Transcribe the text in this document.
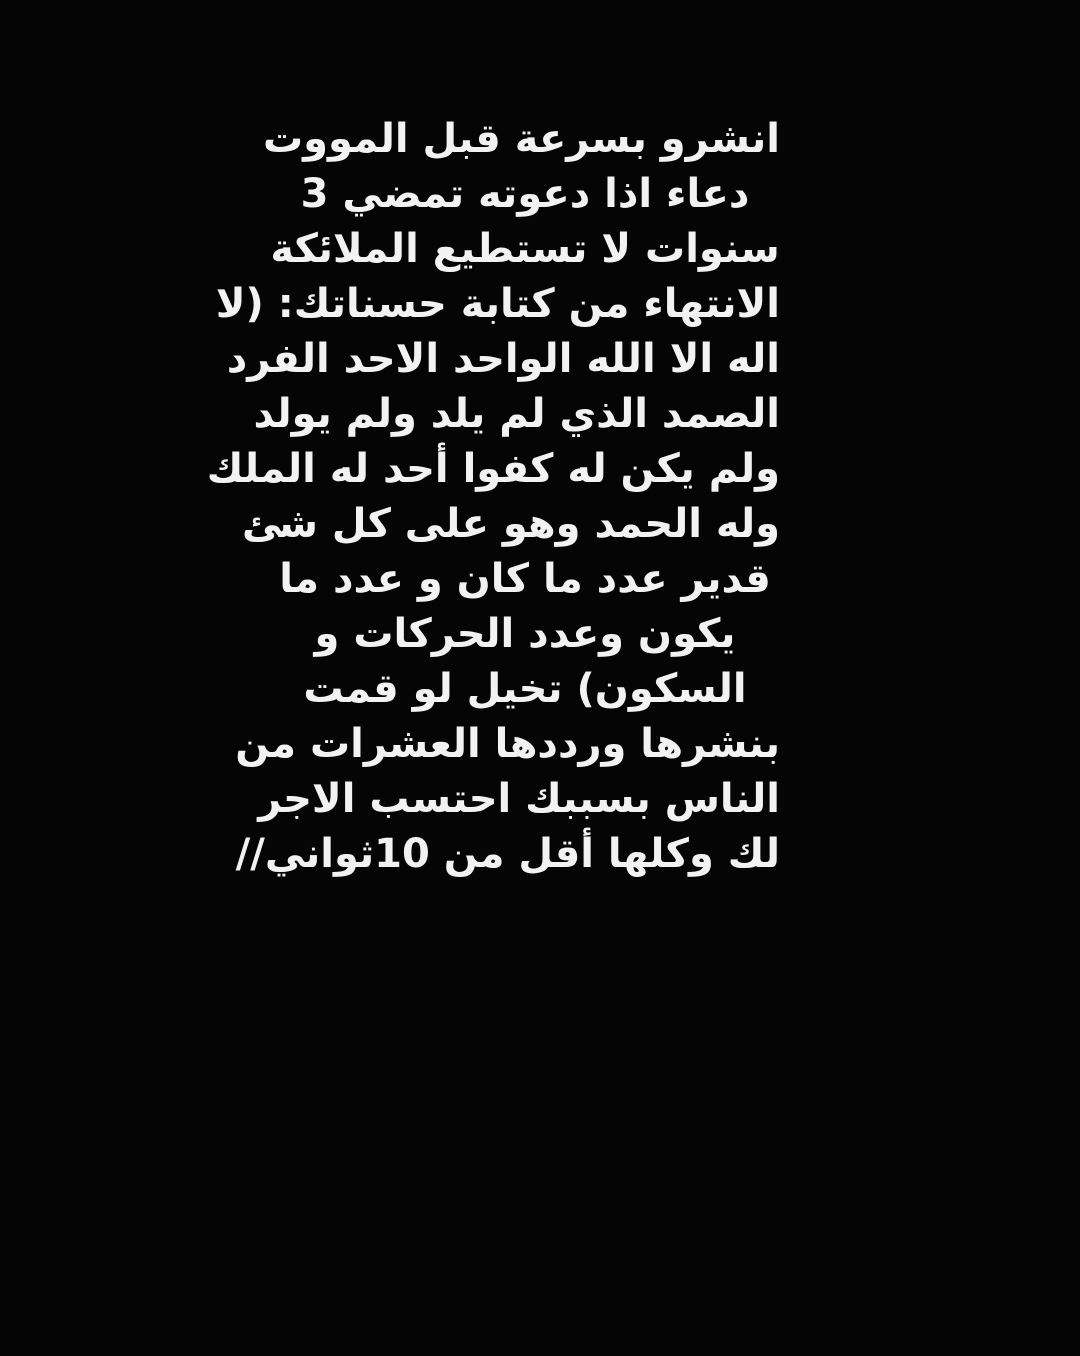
انشرو بسرعة قبل المووت
دعاء اذا دعوته تمضي 3
سنوات لا تستطيع الملائكة
الانتهاء من كتابة حسناتك: (لا
اله الا الله الواحد الاحد الفرد
الصمد الذي لم يلد ولم يولد
ولم يكن له كفوا أحد له الملك
وله الحمد وهو على كل شئ
قدير عدد ما كان و عدد ما
يكون وعدد الحركات و
السكون) تخيل لو قمت
بنشرها ورددها العشرات من
الناس بسببك احتسب الاجر
لك وكلها أقل من 10ثواني//
